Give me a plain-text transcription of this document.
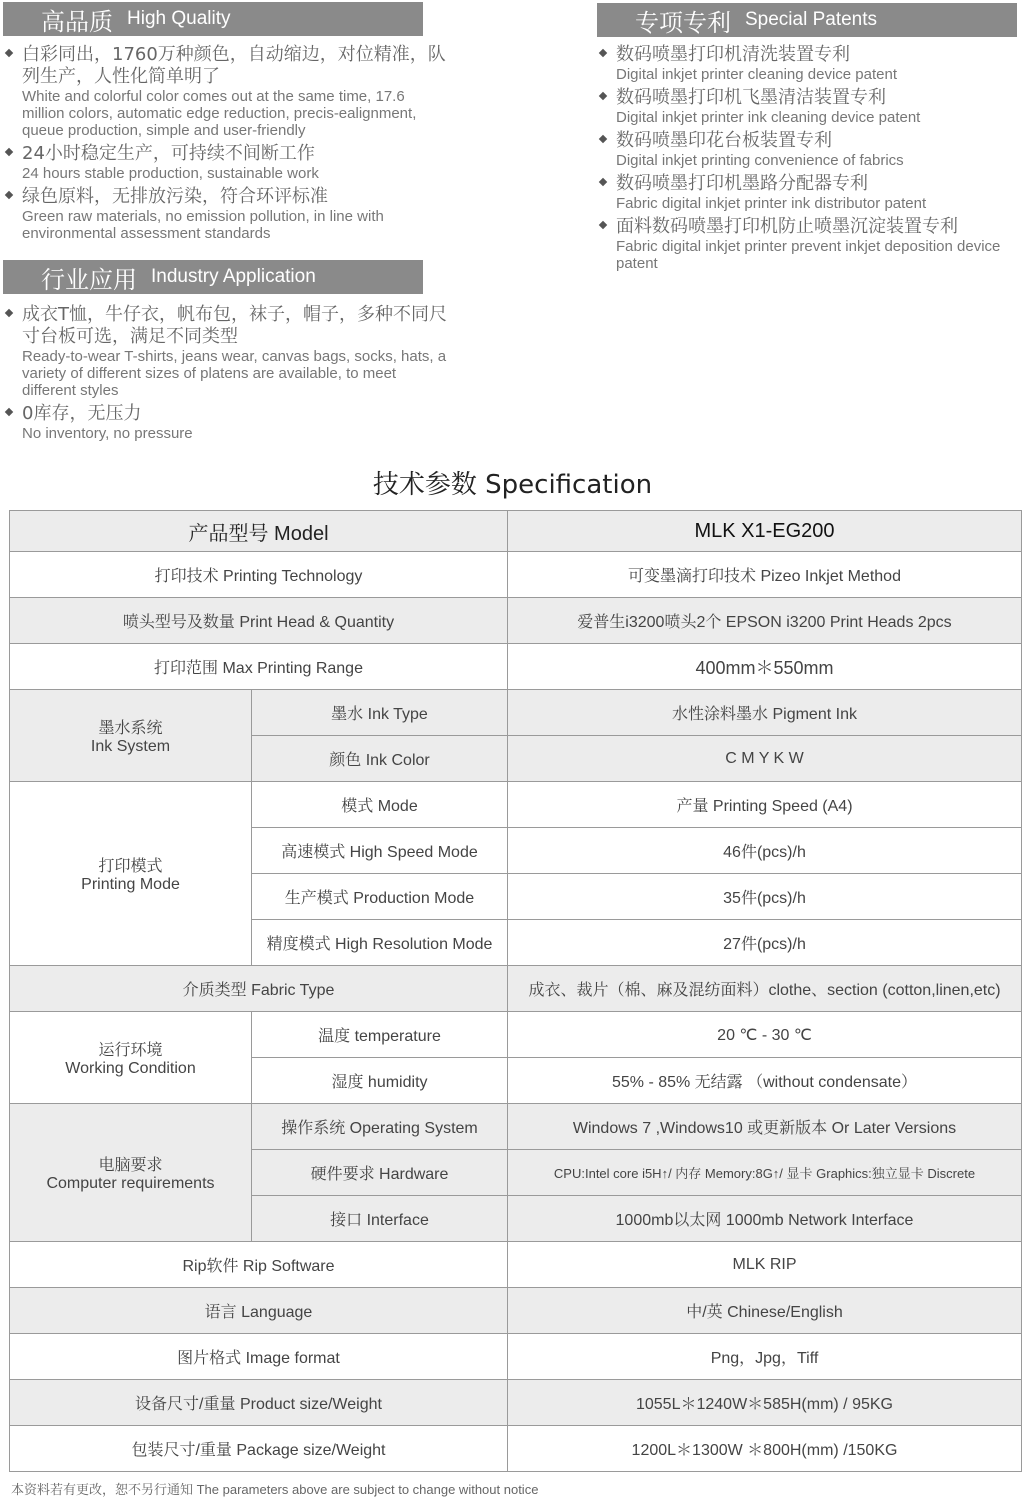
高品质 High Quality
白彩同出，1760万种颜色，自动缩边，对位精准，队列生产，人性化简单明了
White and colorful color comes out at the same time, 17.6 million colors, automatic edge reduction, precis-ealignment, queue production, simple and user-friendly
24小时稳定生产，可持续不间断工作
24 hours stable production, sustainable work
绿色原料，无排放污染，符合环评标准
Green raw materials, no emission pollution, in line with environmental assessment standards
行业应用 Industry Application
成衣T恤，牛仔衣，帆布包，袜子，帽子，多种不同尺寸台板可选，满足不同类型
Ready-to-wear T-shirts, jeans wear, canvas bags, socks, hats, a variety of different sizes of platens are available, to meet different styles
0库存，无压力
No inventory, no pressure
专项专利 Special Patents
数码喷墨打印机清洗装置专利
Digital inkjet printer cleaning device patent
数码喷墨打印机飞墨清洁装置专利
Digital inkjet printer ink cleaning device patent
数码喷墨印花台板装置专利
Digital inkjet printing convenience of fabrics
数码喷墨打印机墨路分配器专利
Fabric digital inkjet printer ink distributor patent
面料数码喷墨打印机防止喷墨沉淀装置专利
Fabric digital inkjet printer prevent inkjet deposition device patent
技术参数 Specification
产品型号 Model		MLK X1-EG200
打印技术 Printing Technology		可变墨滴打印技术 Pizeo Inkjet Method
喷头型号及数量 Print Head & Quantity		爱普生i3200喷头2个 EPSON i3200 Print Heads 2pcs
打印范围 Max Printing Range		400mm＊550mm

墨水系统
Ink System	墨水 Ink Type	水性涂料墨水 Pigment Ink
	颜色 Ink Color	C M Y K W

打印模式
Printing Mode	模式 Mode	产量 Printing Speed (A4)
	高速模式 High Speed Mode	46件(pcs)/h
	生产模式 Production Mode	35件(pcs)/h
	精度模式 High Resolution Mode	27件(pcs)/h
介质类型 Fabric Type		成衣、裁片（棉、麻及混纺面料）clothe、section (cotton,linen,etc)

运行环境
Working Condition	温度 temperature	20 ℃ - 30 ℃
	湿度 humidity	55% - 85% 无结露 （without condensate）

电脑要求
Computer requirements	操作系统 Operating System	Windows 7 ,Windows10 或更新版本 Or Later Versions
	硬件要求 Hardware	CPU:Intel core i5H↑/ 内存 Memory:8G↑/ 显卡 Graphics:独立显卡 Discrete
	接口 Interface	1000mb以太网 1000mb Network Interface
Rip软件 Rip Software		MLK RIP
语言 Language		中/英 Chinese/English
图片格式 Image format		Png，Jpg，Tiff
设备尺寸/重量 Product size/Weight		1055L＊1240W＊585H(mm) / 95KG
包装尺寸/重量 Package size/Weight		1200L＊1300W ＊800H(mm) /150KG
本资料若有更改，恕不另行通知 The parameters above are subject to change without notice
